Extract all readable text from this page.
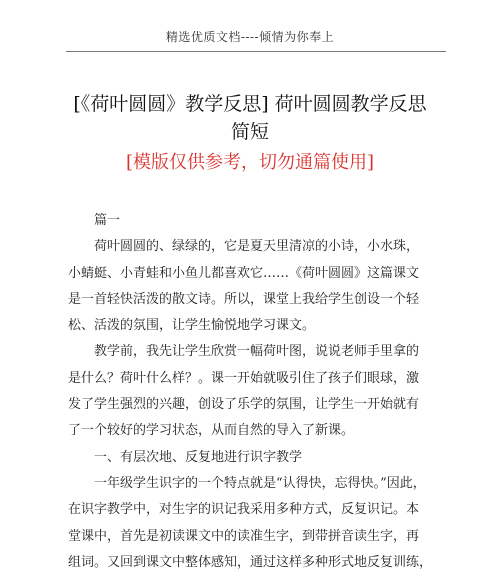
精选优质文档----倾情为你奉上
[《荷叶圆圆》教学反思] 荷叶圆圆教学反思
简短
[模版仅供参考，切勿通篇使用]
篇一
荷叶圆圆的、绿绿的，它是夏天里清凉的小诗，小水珠，
小蜻蜓、小青蛙和小鱼儿都喜欢它……《荷叶圆圆》这篇课文
是一首轻快活泼的散文诗。所以，课堂上我给学生创设一个轻
松、活泼的氛围，让学生愉悦地学习课文。
教学前，我先让学生欣赏一幅荷叶图，说说老师手里拿的
是什么？荷叶什么样？。课一开始就吸引住了孩子们眼球，激
发了学生强烈的兴趣，创设了乐学的氛围，让学生一开始就有
了一个较好的学习状态，从而自然的导入了新课。
一、有层次地、反复地进行识字教学
一年级学生识字的一个特点就是“认得快，忘得快。”因此，
在识字教学中，对生字的识记我采用多种方式，反复识记。本
堂课中，首先是初读课文中的读准生字，到带拼音读生字，再
组词。又回到课文中整体感知，通过这样多种形式地反复训练，
